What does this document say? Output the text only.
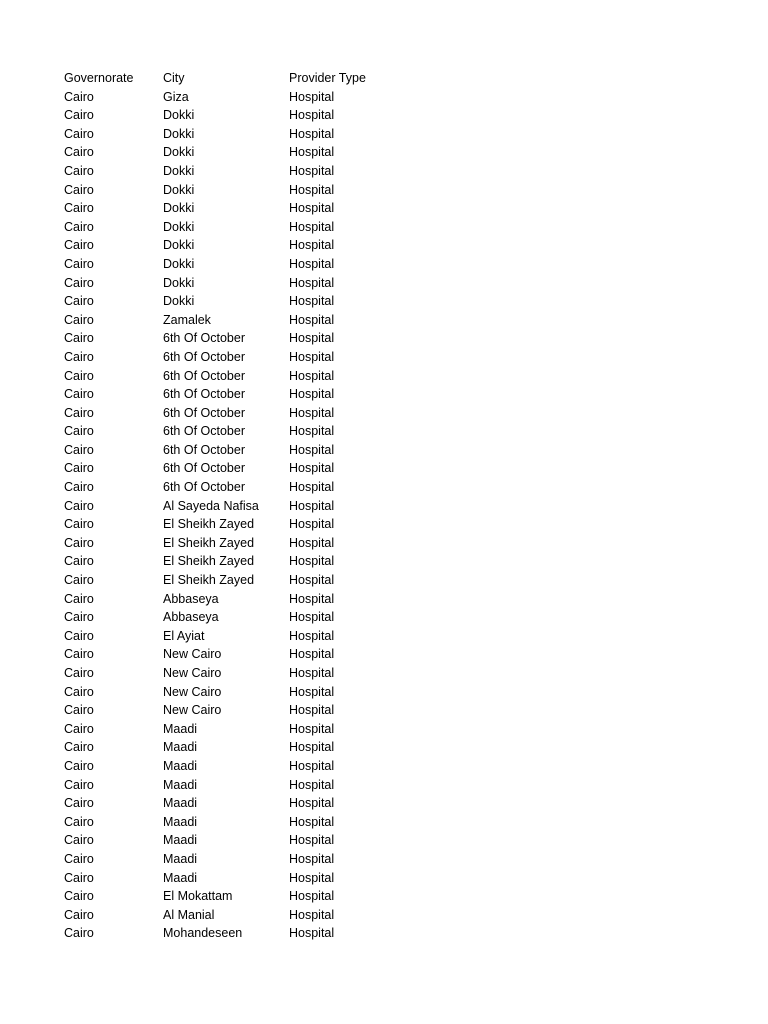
Governorate	City	Provider Type
Cairo	Giza	Hospital
Cairo	Dokki	Hospital
Cairo	Dokki	Hospital
Cairo	Dokki	Hospital
Cairo	Dokki	Hospital
Cairo	Dokki	Hospital
Cairo	Dokki	Hospital
Cairo	Dokki	Hospital
Cairo	Dokki	Hospital
Cairo	Dokki	Hospital
Cairo	Dokki	Hospital
Cairo	Dokki	Hospital
Cairo	Zamalek	Hospital
Cairo	6th Of October	Hospital
Cairo	6th Of October	Hospital
Cairo	6th Of October	Hospital
Cairo	6th Of October	Hospital
Cairo	6th Of October	Hospital
Cairo	6th Of October	Hospital
Cairo	6th Of October	Hospital
Cairo	6th Of October	Hospital
Cairo	6th Of October	Hospital
Cairo	Al Sayeda Nafisa	Hospital
Cairo	El Sheikh Zayed	Hospital
Cairo	El Sheikh Zayed	Hospital
Cairo	El Sheikh Zayed	Hospital
Cairo	El Sheikh Zayed	Hospital
Cairo	Abbaseya	Hospital
Cairo	Abbaseya	Hospital
Cairo	El Ayiat	Hospital
Cairo	New Cairo	Hospital
Cairo	New Cairo	Hospital
Cairo	New Cairo	Hospital
Cairo	New Cairo	Hospital
Cairo	Maadi	Hospital
Cairo	Maadi	Hospital
Cairo	Maadi	Hospital
Cairo	Maadi	Hospital
Cairo	Maadi	Hospital
Cairo	Maadi	Hospital
Cairo	Maadi	Hospital
Cairo	Maadi	Hospital
Cairo	Maadi	Hospital
Cairo	El Mokattam	Hospital
Cairo	Al Manial	Hospital
Cairo	Mohandeseen	Hospital
